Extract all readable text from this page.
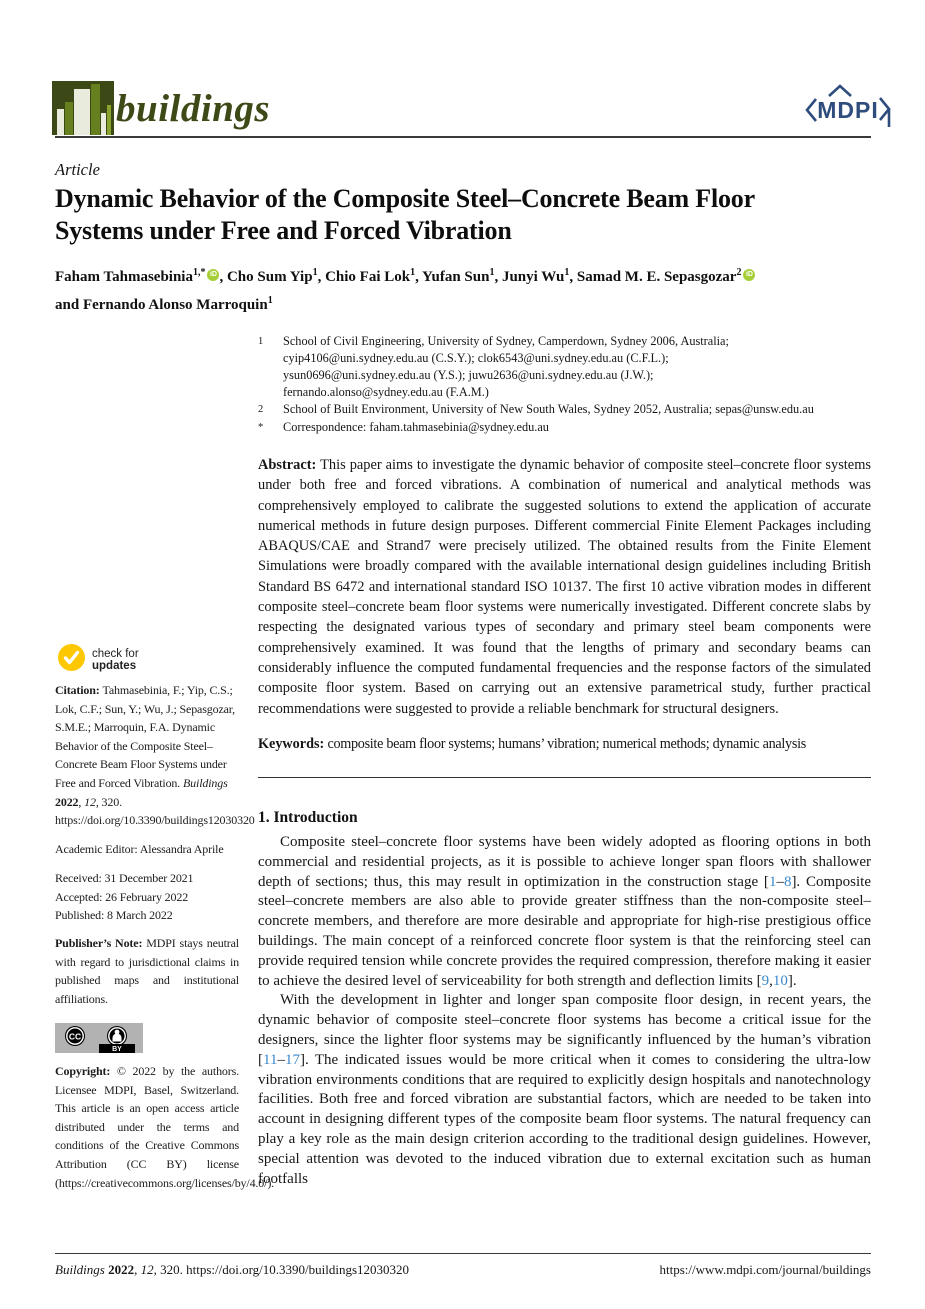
buildings	MDPI
Article
Dynamic Behavior of the Composite Steel–Concrete Beam Floor
Systems under Free and Forced Vibration
Faham Tahmasebinia$^{1,*}$ iD , Cho Sum Yip$^1$, Chio Fai Lok$^1$, Yufan Sun$^1$, Junyi Wu$^1$, Samad M. E. Sepasgozar$^2$ iD
and Fernando Alonso Marroquin$^1$
1	School of Civil Engineering, University of Sydney, Camperdown, Sydney 2006, Australia;
cyip4106@uni.sydney.edu.au (C.S.Y.); clok6543@uni.sydney.edu.au (C.F.L.);
ysun0696@uni.sydney.edu.au (Y.S.); juwu2636@uni.sydney.edu.au (J.W.);
fernando.alonso@sydney.edu.au (F.A.M.)
2	School of Built Environment, University of New South Wales, Sydney 2052, Australia; sepas@unsw.edu.au
*	Correspondence: faham.tahmasebinia@sydney.edu.au
Abstract: This paper aims to investigate the dynamic behavior of composite steel–concrete floor systems under both free and forced vibrations. A combination of numerical and analytical methods was comprehensively employed to calibrate the suggested solutions to extend the application of accurate numerical methods in future design purposes. Different commercial Finite Element Packages including ABAQUS/CAE and Strand7 were precisely utilized. The obtained results from the Finite Element Simulations were broadly compared with the available international design guidelines including British Standard BS 6472 and international standard ISO 10137. The first 10 active vibration modes in different composite steel–concrete beam floor systems were numerically investigated. Different concrete slabs by respecting the designated various types of secondary and primary steel beam components were comprehensively examined. It was found that the lengths of primary and secondary beams can considerably influence the computed fundamental frequencies and the response factors of the simulated composite floor system. Based on carrying out an extensive parametrical study, further practical recommendations were suggested to provide a reliable benchmark for structural designers.
Keywords: composite beam floor systems; humans’ vibration; numerical methods; dynamic analysis
1. Introduction

Composite steel–concrete floor systems have been widely adopted as flooring options in both commercial and residential projects, as it is possible to achieve longer span floors with shallower depth of sections; thus, this may result in optimization in the construction stage [1–8]. Composite steel–concrete members are also able to provide greater stiffness than the non-composite steel–concrete members, and therefore are more desirable and appropriate for high-rise prestigious office buildings. The main concept of a reinforced concrete floor system is that the reinforcing steel can provide required tension while concrete provides the required compression, therefore making it easier to achieve the desired level of serviceability for both strength and deflection limits [9,10].

With the development in lighter and longer span composite floor design, in recent years, the dynamic behavior of composite steel–concrete floor systems has become a critical issue for the designers, since the lighter floor systems may be significantly influenced by the human’s vibration [11–17]. The indicated issues would be more critical when it comes to considering the ultra-low vibration environments conditions that are required to explicitly design hospitals and nanotechnology facilities. Both free and forced vibration are substantial factors, which are needed to be taken into account in designing different types of the composite beam floor systems. The natural frequency can play a key role as the main design criterion according to the traditional design guidelines. However, special attention was devoted to the induced vibration due to external excitation such as human footfalls

check for
updates
Citation: Tahmasebinia, F.; Yip, C.S.; Lok, C.F.; Sun, Y.; Wu, J.; Sepasgozar, S.M.E.; Marroquin, F.A. Dynamic Behavior of the Composite Steel–Concrete Beam Floor Systems under Free and Forced Vibration. Buildings 2022, 12, 320. https://doi.org/10.3390/buildings12030320
Academic Editor: Alessandra Aprile
Received: 31 December 2021
Accepted: 26 February 2022
Published: 8 March 2022
Publisher’s Note: MDPI stays neutral with regard to jurisdictional claims in published maps and institutional affiliations.
CC
BY
Copyright: © 2022 by the authors. Licensee MDPI, Basel, Switzerland. This article is an open access article distributed under the terms and conditions of the Creative Commons Attribution (CC BY) license (https://creativecommons.org/licenses/by/4.0/).
Buildings 2022, 12, 320. https://doi.org/10.3390/buildings12030320	https://www.mdpi.com/journal/buildings
